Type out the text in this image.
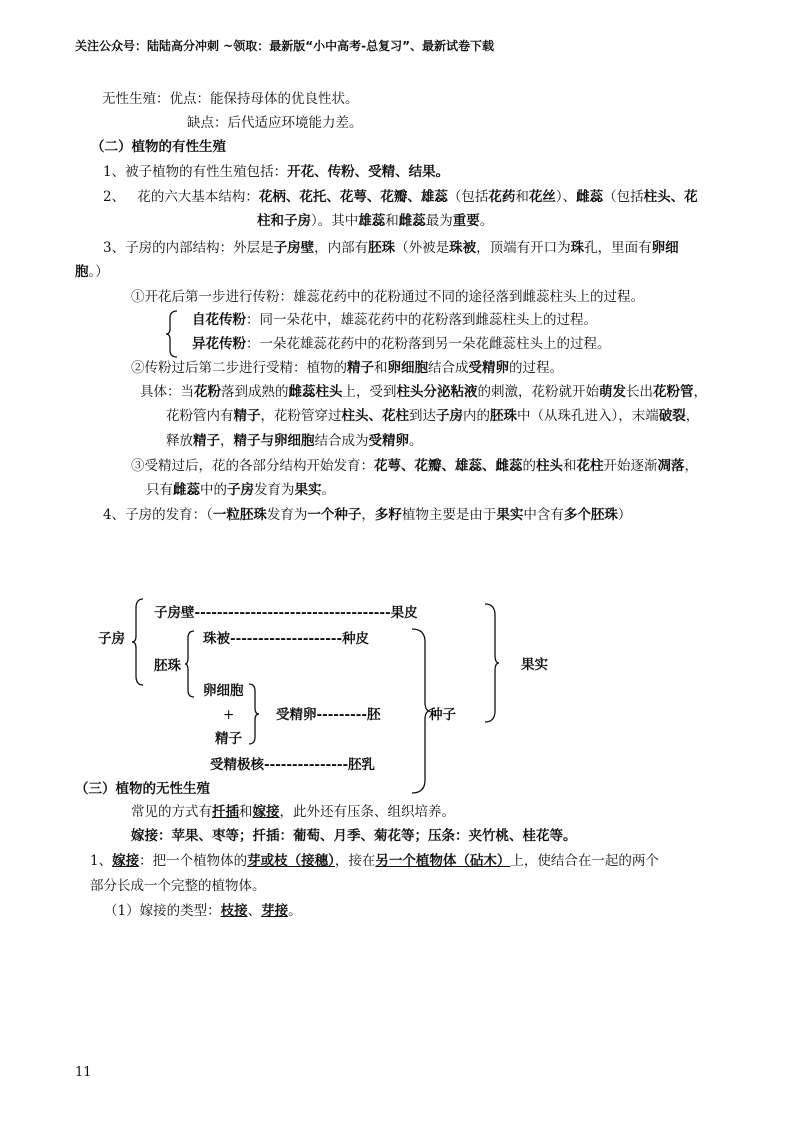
关注公众号：陆陆高分冲刺 ~领取：最新版“小中高考-总复习”、最新试卷下载
无性生殖：优点：能保持母体的优良性状。
缺点：后代适应环境能力差。
（二）植物的有性生殖
1、被子植物的有性生殖包括：开花、传粉、受精、结果。
2、 花的六大基本结构：花柄、花托、花萼、花瓣、雄蕊（包括花药和花丝）、雌蕊（包括柱头、花
柱和子房）。其中雄蕊和雌蕊最为重要。
3、子房的内部结构：外层是子房壁，内部有胚珠（外被是珠被，顶端有开口为珠孔，里面有卵细
胞。）
①开花后第一步进行传粉：雄蕊花药中的花粉通过不同的途径落到雌蕊柱头上的过程。
自花传粉：同一朵花中，雄蕊花药中的花粉落到雌蕊柱头上的过程。
异花传粉：一朵花雄蕊花药中的花粉落到另一朵花雌蕊柱头上的过程。
②传粉过后第二步进行受精：植物的精子和卵细胞结合成受精卵的过程。
具体：当花粉落到成熟的雌蕊柱头上，受到柱头分泌粘液的刺激，花粉就开始萌发长出花粉管，
花粉管内有精子，花粉管穿过柱头、花柱到达子房内的胚珠中（从珠孔进入），末端破裂，
释放精子，精子与卵细胞结合成为受精卵。
③受精过后，花的各部分结构开始发育：花萼、花瓣、雄蕊、雌蕊的柱头和花柱开始逐渐凋落，
只有雌蕊中的子房发育为果实。
4、子房的发育：（一粒胚珠发育为一个种子，多籽植物主要是由于果实中含有多个胚珠）
子房
子房壁-----------------------------------果皮
胚珠
珠被--------------------种皮
卵细胞
+
精子
受精卵---------胚
受精极核---------------胚乳
种子
果实
（三）植物的无性生殖
常见的方式有扦插和嫁接，此外还有压条、组织培养。
嫁接：苹果、枣等；扦插：葡萄、月季、菊花等；压条：夹竹桃、桂花等。
1、嫁接：把一个植物体的芽或枝（接穗），接在另一个植物体（砧木）上，使结合在一起的两个
部分长成一个完整的植物体。
（1）嫁接的类型：枝接、芽接。
11
